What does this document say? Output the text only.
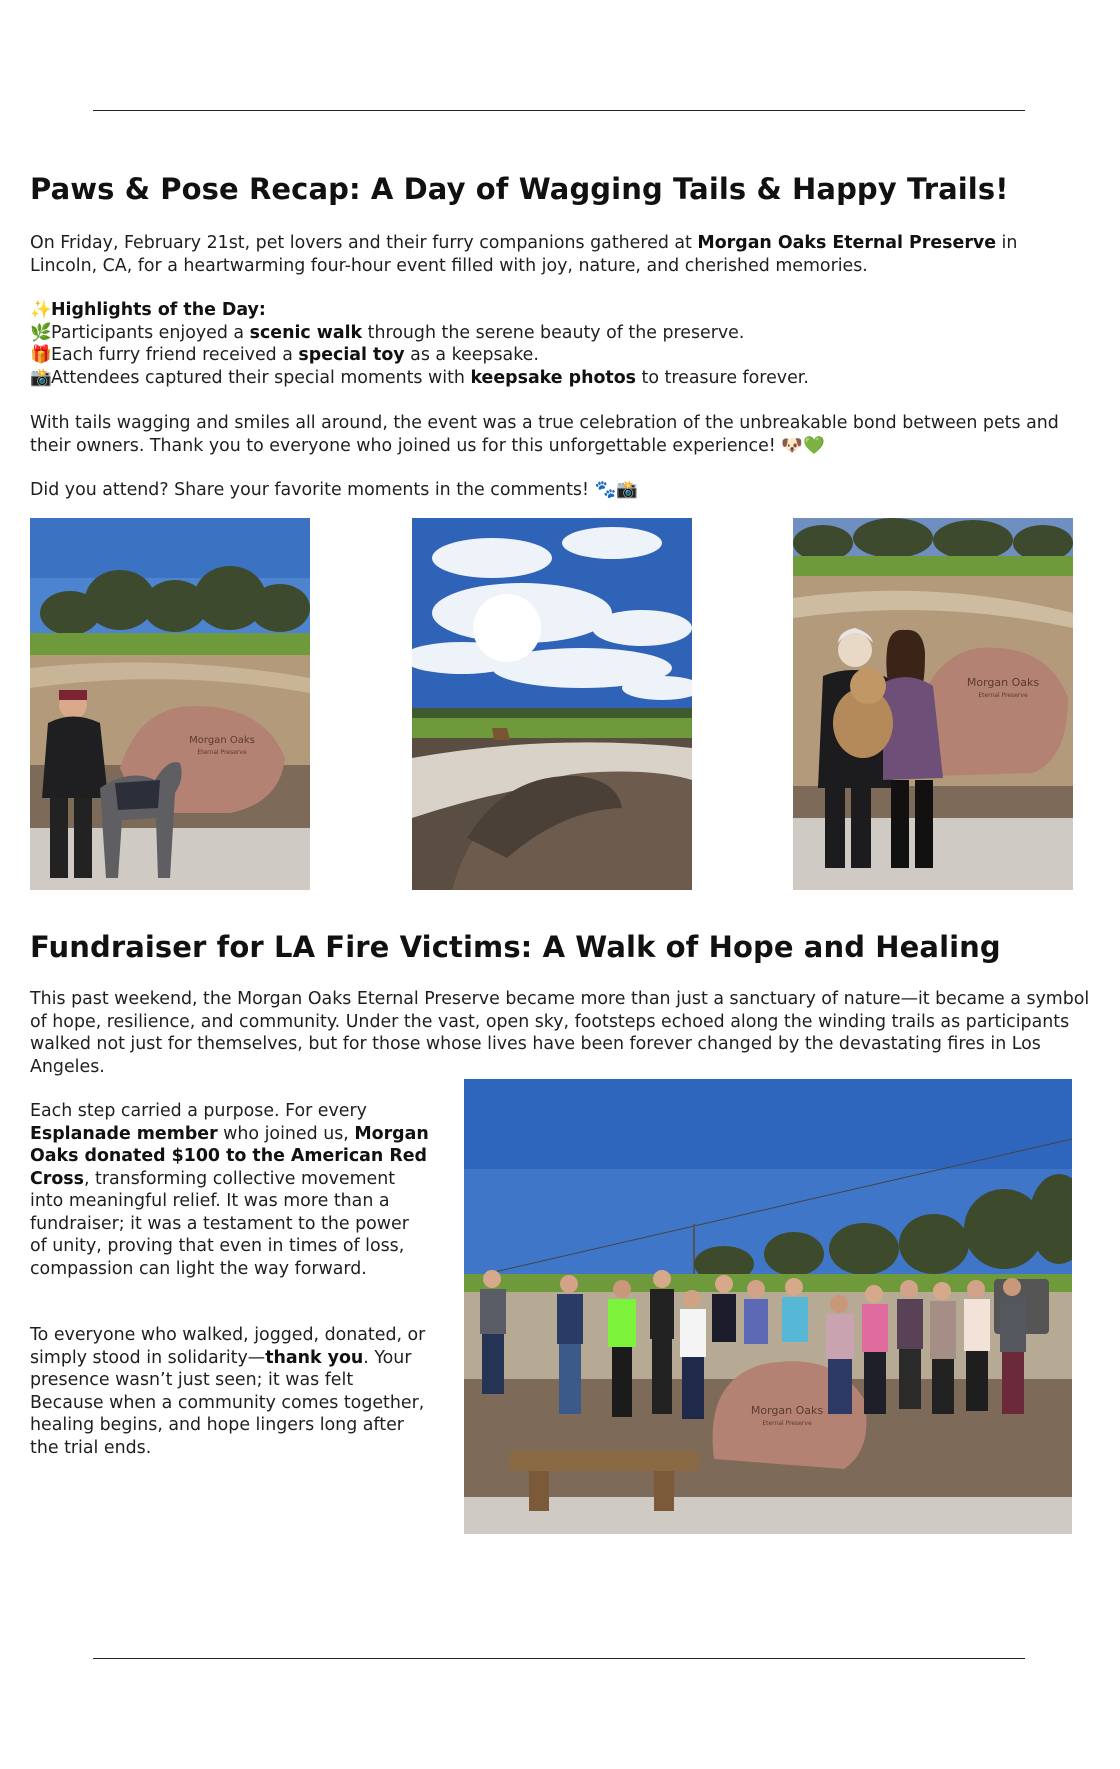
Paws & Pose Recap: A Day of Wagging Tails & Happy Trails!

On Friday, February 21st, pet lovers and their furry companions gathered at Morgan Oaks Eternal Preserve in Lincoln, CA, for a heartwarming four-hour event filled with joy, nature, and cherished memories.

✨Highlights of the Day:
🌿Participants enjoyed a scenic walk through the serene beauty of the preserve.
🎁Each furry friend received a special toy as a keepsake.
📸Attendees captured their special moments with keepsake photos to treasure forever.

With tails wagging and smiles all around, the event was a true celebration of the unbreakable bond between pets and their owners. Thank you to everyone who joined us for this unforgettable experience! 🐶💚

Did you attend? Share your favorite moments in the comments! 🐾📸

Fundraiser for LA Fire Victims: A Walk of Hope and Healing

This past weekend, the Morgan Oaks Eternal Preserve became more than just a sanctuary of nature—it became a symbol of hope, resilience, and community. Under the vast, open sky, footsteps echoed along the winding trails as participants walked not just for themselves, but for those whose lives have been forever changed by the devastating fires in Los Angeles.

Each step carried a purpose. For every Esplanade member who joined us, Morgan Oaks donated $100 to the American Red Cross, transforming collective movement into meaningful relief. It was more than a fundraiser; it was a testament to the power of unity, proving that even in times of loss, compassion can light the way forward.

To everyone who walked, jogged, donated, or simply stood in solidarity—thank you. Your presence wasn’t just seen; it was felt Because when a community comes together, healing begins, and hope lingers long after the trial ends.

Morgan Oaks
Eternal Preserve
Morgan Oaks
Eternal Preserve
Morgan Oaks
Eternal Preserve
